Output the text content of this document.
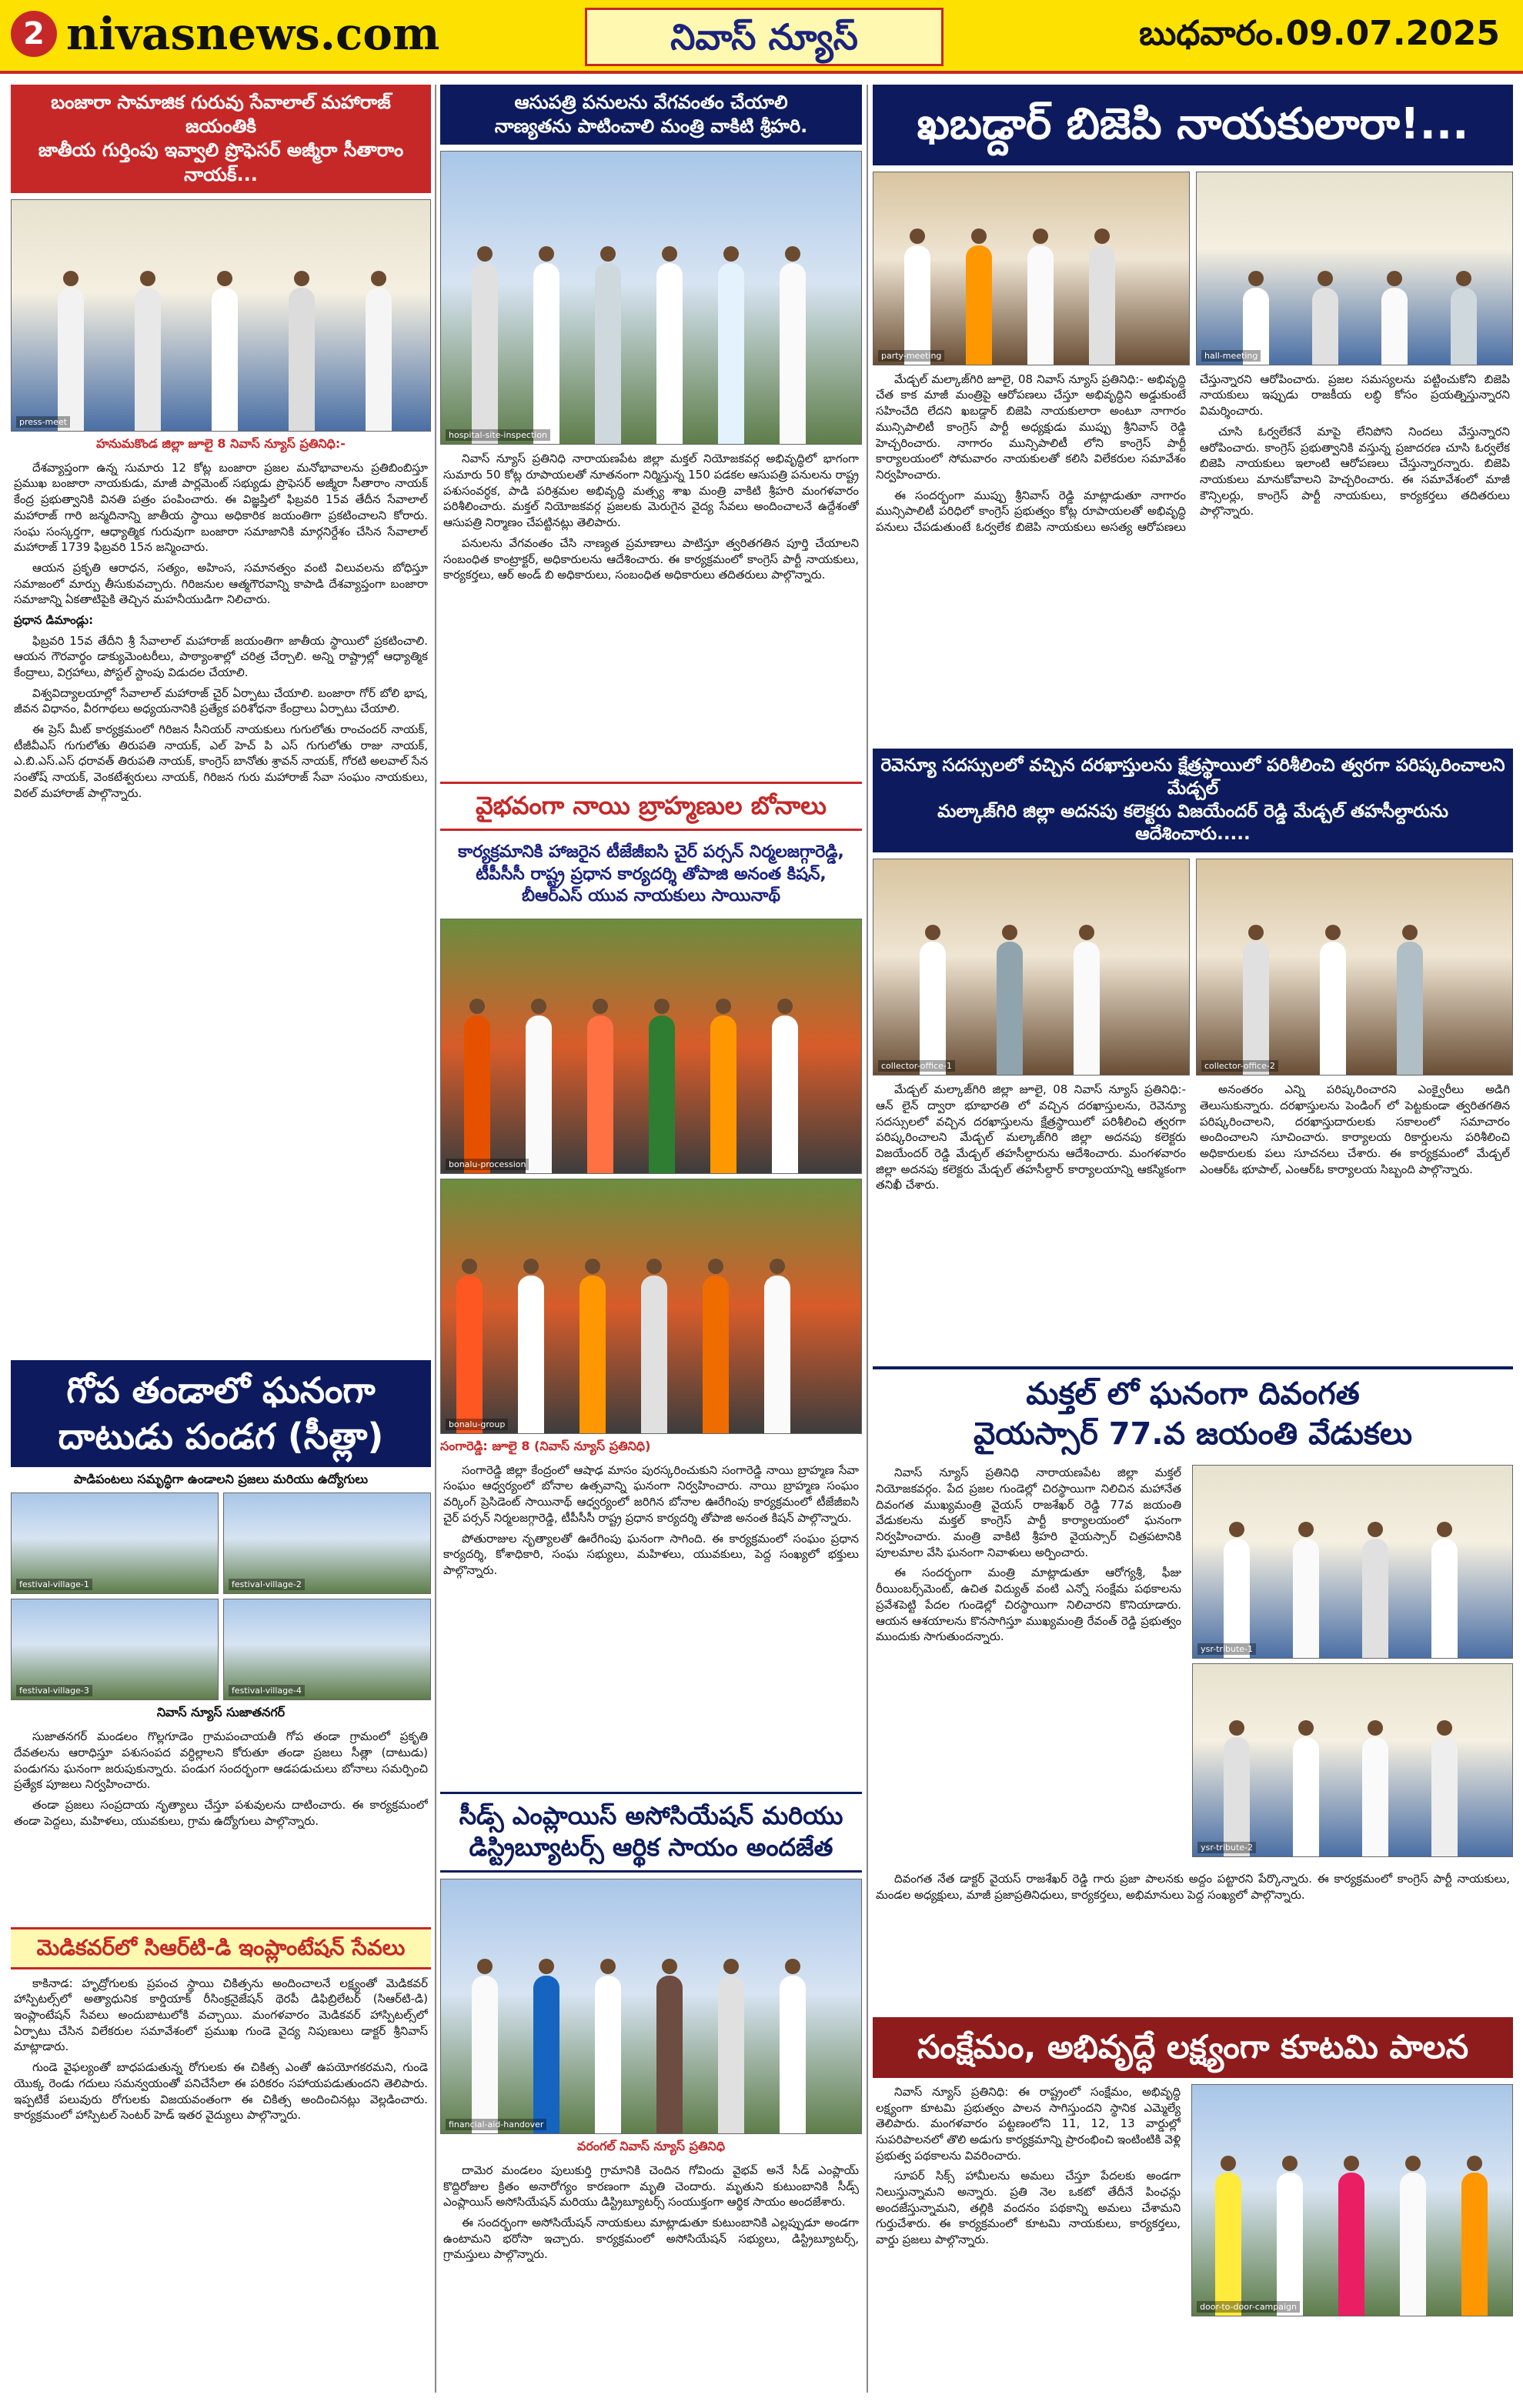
2 nivasnews.com	నివాస్ న్యూస్	బుధవారం.09.07.2025
బంజారా సామాజిక గురువు సేవాలాల్ మహారాజ్ జయంతికి
జాతీయ గుర్తింపు ఇవ్వాలి ప్రొఫెసర్ అజ్మీరా సీతారాం నాయక్...
press-meet
హనుమకొండ జిల్లా జూలై 8 నివాస్ న్యూస్ ప్రతినిధి:-

దేశవ్యాప్తంగా ఉన్న సుమారు 12 కోట్ల బంజారా ప్రజల మనోభావాలను ప్రతిబింబిస్తూ ప్రముఖ బంజారా నాయకుడు, మాజీ పార్లమెంట్ సభ్యుడు ప్రొఫెసర్ అజ్మీరా సీతారాం నాయక్ కేంద్ర ప్రభుత్వానికి వినతి పత్రం పంపించారు. ఈ విజ్ఞప్తిలో ఫిబ్రవరి 15వ తేదీన సేవాలాల్ మహారాజ్ గారి జన్మదినాన్ని జాతీయ స్థాయి అధికారిక జయంతిగా ప్రకటించాలని కోరారు. సంఘ సంస్కర్తగా, ఆధ్యాత్మిక గురువుగా బంజారా సమాజానికి మార్గనిర్దేశం చేసిన సేవాలాల్ మహారాజ్ 1739 ఫిబ్రవరి 15న జన్మించారు.

ఆయన ప్రకృతి ఆరాధన, సత్యం, అహింస, సమానత్వం వంటి విలువలను బోధిస్తూ సమాజంలో మార్పు తీసుకువచ్చారు. గిరిజనుల ఆత్మగౌరవాన్ని కాపాడి దేశవ్యాప్తంగా బంజారా సమాజాన్ని ఏకతాటిపైకి తెచ్చిన మహనీయుడిగా నిలిచారు.

ప్రధాన డిమాండ్లు:

ఫిబ్రవరి 15వ తేదీని శ్రీ సేవాలాల్ మహారాజ్ జయంతిగా జాతీయ స్థాయిలో ప్రకటించాలి. ఆయన గౌరవార్థం డాక్యుమెంటరీలు, పాఠ్యాంశాల్లో చరిత్ర చేర్చాలి. అన్ని రాష్ట్రాల్లో ఆధ్యాత్మిక కేంద్రాలు, విగ్రహాలు, పోస్టల్ స్టాంపు విడుదల చేయాలి.

విశ్వవిద్యాలయాల్లో సేవాలాల్ మహారాజ్ చైర్ ఏర్పాటు చేయాలి. బంజారా గోర్ బోలి భాష, జీవన విధానం, వీరగాథలు అధ్యయనానికి ప్రత్యేక పరిశోధనా కేంద్రాలు ఏర్పాటు చేయాలి.

ఈ ప్రెస్ మీట్ కార్యక్రమంలో గిరిజన సీనియర్ నాయకులు గుగులోతు రాంచందర్ నాయక్, టీజీవీఎస్ గుగులోతు తిరుపతి నాయక్, ఎల్ హెచ్ పి ఎస్ గుగులోతు రాజు నాయక్, ఎ.బి.ఎస్.ఎస్ ధరావత్ తిరుపతి నాయక్, కాంగ్రెస్ బానోతు శ్రావన్ నాయక్, గోరటి అలవాల్ సేన సంతోష్ నాయక్, వెంకటేశ్వరులు నాయక్, గిరిజన గురు మహారాజ్ సేవా సంఘం నాయకులు, విఠల్ మహారాజ్ పాల్గొన్నారు.

గోప తండాలో ఘనంగా
దాటుడు పండగ (సీత్లా)
పాడిపంటలు సమృద్ధిగా ఉండాలని ప్రజలు మరియు ఉద్యోగులు
festival-village-1	festival-village-2
festival-village-3	festival-village-4
నివాస్ న్యూస్ సుజాతనగర్

సుజాతనగర్ మండలం గొల్లగూడెం గ్రామపంచాయతీ గోప తండా గ్రామంలో ప్రకృతి దేవతలను ఆరాధిస్తూ పశుసంపద వర్ధిల్లాలని కోరుతూ తండా ప్రజలు సీత్లా (దాటుడు) పండుగను ఘనంగా జరుపుకున్నారు. పండుగ సందర్భంగా ఆడపడుచులు బోనాలు సమర్పించి ప్రత్యేక పూజలు నిర్వహించారు.

తండా ప్రజలు సంప్రదాయ నృత్యాలు చేస్తూ పశువులను దాటించారు. ఈ కార్యక్రమంలో తండా పెద్దలు, మహిళలు, యువకులు, గ్రామ ఉద్యోగులు పాల్గొన్నారు.

మెడికవర్‌లో సిఆర్‌టి-డి ఇంప్లాంటేషన్ సేవలు

కాకినాడ: హృద్రోగులకు ప్రపంచ స్థాయి చికిత్సను అందించాలనే లక్ష్యంతో మెడికవర్ హాస్పిటల్స్‌లో అత్యాధునిక కార్డియాక్ రీసింక్రనైజేషన్ థెరపీ డిఫిబ్రిలేటర్ (సిఆర్‌టి-డి) ఇంప్లాంటేషన్ సేవలు అందుబాటులోకి వచ్చాయి. మంగళవారం మెడికవర్ హాస్పిటల్స్‌లో ఏర్పాటు చేసిన విలేకరుల సమావేశంలో ప్రముఖ గుండె వైద్య నిపుణులు డాక్టర్ శ్రీనివాస్ మాట్లాడారు.

గుండె వైఫల్యంతో బాధపడుతున్న రోగులకు ఈ చికిత్స ఎంతో ఉపయోగకరమని, గుండె యొక్క రెండు గదులు సమన్వయంతో పనిచేసేలా ఈ పరికరం సహాయపడుతుందని తెలిపారు. ఇప్పటికే పలువురు రోగులకు విజయవంతంగా ఈ చికిత్స అందించినట్లు వెల్లడించారు. కార్యక్రమంలో హాస్పిటల్ సెంటర్ హెడ్ ఇతర వైద్యులు పాల్గొన్నారు.

ఆసుపత్రి పనులను వేగవంతం చేయాలి
నాణ్యతను పాటించాలి మంత్రి వాకిటి శ్రీహరి.
hospital-site-inspection

నివాస్ న్యూస్ ప్రతినిధి నారాయణపేట జిల్లా మక్తల్ నియోజకవర్గ అభివృద్ధిలో భాగంగా సుమారు 50 కోట్ల రూపాయలతో నూతనంగా నిర్మిస్తున్న 150 పడకల ఆసుపత్రి పనులను రాష్ట్ర పశుసంవర్ధక, పాడి పరిశ్రమల అభివృద్ధి మత్స్య శాఖ మంత్రి వాకిటి శ్రీహరి మంగళవారం పరిశీలించారు. మక్తల్ నియోజకవర్గ ప్రజలకు మెరుగైన వైద్య సేవలు అందించాలనే ఉద్దేశంతో ఆసుపత్రి నిర్మాణం చేపట్టినట్లు తెలిపారు.

పనులను వేగవంతం చేసి నాణ్యత ప్రమాణాలు పాటిస్తూ త్వరితగతిన పూర్తి చేయాలని సంబంధిత కాంట్రాక్టర్, అధికారులను ఆదేశించారు. ఈ కార్యక్రమంలో కాంగ్రెస్ పార్టీ నాయకులు, కార్యకర్తలు, ఆర్ అండ్ బి అధికారులు, సంబంధిత అధికారులు తదితరులు పాల్గొన్నారు.

వైభవంగా నాయి బ్రాహ్మణుల బోనాలు
కార్యక్రమానికి హాజరైన టీజేజీఐసి చైర్ పర్సన్ నిర్మలజగ్గారెడ్డి, టీపీసీసీ రాష్ట్ర ప్రధాన కార్యదర్శి తోపాజి అనంత కిషన్, బీఆర్ఎస్ యువ నాయకులు సాయినాథ్
bonalu-procession
bonalu-group
సంగారెడ్డి: జూలై 8 (నివాస్ న్యూస్ ప్రతినిధి)

సంగారెడ్డి జిల్లా కేంద్రంలో ఆషాఢ మాసం పురస్కరించుకుని సంగారెడ్డి నాయి బ్రాహ్మణ సేవా సంఘం ఆధ్వర్యంలో బోనాల ఉత్సవాన్ని ఘనంగా నిర్వహించారు. నాయి బ్రాహ్మణ సంఘం వర్కింగ్ ప్రెసిడెంట్ సాయినాథ్ ఆధ్వర్యంలో జరిగిన బోనాల ఊరేగింపు కార్యక్రమంలో టీజేజీఐసి చైర్ పర్సన్ నిర్మలజగ్గారెడ్డి, టీపీసీసీ రాష్ట్ర ప్రధాన కార్యదర్శి తోపాజి అనంత కిషన్ పాల్గొన్నారు.

పోతురాజుల నృత్యాలతో ఊరేగింపు ఘనంగా సాగింది. ఈ కార్యక్రమంలో సంఘం ప్రధాన కార్యదర్శి, కోశాధికారి, సంఘ సభ్యులు, మహిళలు, యువకులు, పెద్ద సంఖ్యలో భక్తులు పాల్గొన్నారు.

సీడ్స్ ఎంప్లాయిస్ అసోసియేషన్ మరియు డిస్ట్రిబ్యూటర్స్ ఆర్థిక సాయం అందజేత
financial-aid-handover
వరంగల్ నివాస్ న్యూస్ ప్రతినిధి

దామెర మండలం పులుకుర్తి గ్రామానికి చెందిన గోవిందు వైభవ్ అనే సీడ్ ఎంప్లాయ్ కొద్దిరోజుల క్రితం అనారోగ్యం కారణంగా మృతి చెందారు. మృతుని కుటుంబానికి సీడ్స్ ఎంప్లాయిస్ అసోసియేషన్ మరియు డిస్ట్రిబ్యూటర్స్ సంయుక్తంగా ఆర్థిక సాయం అందజేశారు.

ఈ సందర్భంగా అసోసియేషన్ నాయకులు మాట్లాడుతూ కుటుంబానికి ఎల్లప్పుడూ అండగా ఉంటామని భరోసా ఇచ్చారు. కార్యక్రమంలో అసోసియేషన్ సభ్యులు, డిస్ట్రిబ్యూటర్స్, గ్రామస్తులు పాల్గొన్నారు.

ఖబడ్దార్ బిజెపి నాయకులారా!...
party-meeting	hall-meeting

మేడ్చల్ మల్కాజ్‌గిరి జూలై, 08 నివాస్ న్యూస్ ప్రతినిధి:- అభివృద్ధి చేత కాక మాజీ మంత్రిపై ఆరోపణలు చేస్తూ అభివృద్ధిని అడ్డుకుంటే సహించేది లేదని ఖబడ్దార్ బిజెపి నాయకులారా అంటూ నాగారం మున్సిపాలిటీ కాంగ్రెస్ పార్టీ అధ్యక్షుడు ముప్పు శ్రీనివాస్ రెడ్డి హెచ్చరించారు. నాగారం మున్సిపాలిటీ లోని కాంగ్రెస్ పార్టీ కార్యాలయంలో సోమవారం నాయకులతో కలిసి విలేకరుల సమావేశం నిర్వహించారు.

ఈ సందర్భంగా ముప్పు శ్రీనివాస్ రెడ్డి మాట్లాడుతూ నాగారం మున్సిపాలిటీ పరిధిలో కాంగ్రెస్ ప్రభుత్వం కోట్ల రూపాయలతో అభివృద్ధి పనులు చేపడుతుంటే ఓర్వలేక బిజెపి నాయకులు అసత్య ఆరోపణలు చేస్తున్నారని ఆరోపించారు. ప్రజల సమస్యలను పట్టించుకోని బిజెపి నాయకులు ఇప్పుడు రాజకీయ లబ్ధి కోసం ప్రయత్నిస్తున్నారని విమర్శించారు.

చూసి ఓర్వలేకనే మాపై లేనిపోని నిందలు వేస్తున్నారని ఆరోపించారు. కాంగ్రెస్ ప్రభుత్వానికి వస్తున్న ప్రజాదరణ చూసి ఓర్వలేక బిజెపి నాయకులు ఇలాంటి ఆరోపణలు చేస్తున్నారన్నారు. బిజెపి నాయకులు మానుకోవాలని హెచ్చరించారు. ఈ సమావేశంలో మాజీ కౌన్సిలర్లు, కాంగ్రెస్ పార్టీ నాయకులు, కార్యకర్తలు తదితరులు పాల్గొన్నారు.

రెవెన్యూ సదస్సులలో వచ్చిన దరఖాస్తులను క్షేత్రస్థాయిలో పరిశీలించి త్వరగా పరిష్కరించాలని మేడ్చల్
మల్కాజ్‌గిరి జిల్లా అదనపు కలెక్టరు విజయేందర్ రెడ్డి మేడ్చల్ తహసీల్దారును ఆదేశించారు.....
collector-office-1	collector-office-2

మేడ్చల్ మల్కాజ్‌గిరి జిల్లా జూలై, 08 నివాస్ న్యూస్ ప్రతినిధి:- ఆన్ లైన్ ద్వారా భూభారతి లో వచ్చిన దరఖాస్తులను, రెవెన్యూ సదస్సులలో వచ్చిన దరఖాస్తులను క్షేత్రస్థాయిలో పరిశీలించి త్వరగా పరిష్కరించాలని మేడ్చల్ మల్కాజ్‌గిరి జిల్లా అదనపు కలెక్టరు విజయేందర్ రెడ్డి మేడ్చల్ తహసీల్దారును ఆదేశించారు. మంగళవారం జిల్లా అదనపు కలెక్టరు మేడ్చల్ తహసీల్దార్ కార్యాలయాన్ని ఆకస్మికంగా తనిఖీ చేశారు.

అనంతరం ఎన్ని పరిష్కరించారని ఎంక్వైరీలు అడిగి తెలుసుకున్నారు. దరఖాస్తులను పెండింగ్ లో పెట్టకుండా త్వరితగతిన పరిష్కరించాలని, దరఖాస్తుదారులకు సకాలంలో సమాచారం అందించాలని సూచించారు. కార్యాలయ రికార్డులను పరిశీలించి అధికారులకు పలు సూచనలు చేశారు. ఈ కార్యక్రమంలో మేడ్చల్ ఎంఆర్ఓ భూపాల్, ఎంఆర్ఓ కార్యాలయ సిబ్బంది పాల్గొన్నారు.

మక్తల్ లో ఘనంగా దివంగత
వైయస్సార్ 77.వ జయంతి వేడుకలు

నివాస్ న్యూస్ ప్రతినిధి నారాయణపేట జిల్లా మక్తల్ నియోజకవర్గం. పేద ప్రజల గుండెల్లో చిరస్థాయిగా నిలిచిన మహానేత దివంగత ముఖ్యమంత్రి వైయస్ రాజశేఖర్ రెడ్డి 77వ జయంతి వేడుకలను మక్తల్ కాంగ్రెస్ పార్టీ కార్యాలయంలో ఘనంగా నిర్వహించారు. మంత్రి వాకిటి శ్రీహరి వైయస్సార్ చిత్రపటానికి పూలమాల వేసి ఘనంగా నివాళులు అర్పించారు.

ఈ సందర్భంగా మంత్రి మాట్లాడుతూ ఆరోగ్యశ్రీ, ఫీజు రీయింబర్స్‌మెంట్, ఉచిత విద్యుత్ వంటి ఎన్నో సంక్షేమ పథకాలను ప్రవేశపెట్టి పేదల గుండెల్లో చిరస్థాయిగా నిలిచారని కొనియాడారు. ఆయన ఆశయాలను కొనసాగిస్తూ ముఖ్యమంత్రి రేవంత్ రెడ్డి ప్రభుత్వం ముందుకు సాగుతుందన్నారు.

ysr-tribute-1
ysr-tribute-2

దివంగత నేత డాక్టర్ వైయస్ రాజశేఖర్ రెడ్డి గారు ప్రజా పాలనకు అద్దం పట్టారని పేర్కొన్నారు. ఈ కార్యక్రమంలో కాంగ్రెస్ పార్టీ నాయకులు, మండల అధ్యక్షులు, మాజీ ప్రజాప్రతినిధులు, కార్యకర్తలు, అభిమానులు పెద్ద సంఖ్యలో పాల్గొన్నారు.

సంక్షేమం, అభివృద్ధే లక్ష్యంగా కూటమి పాలన

నివాస్ న్యూస్ ప్రతినిధి: ఈ రాష్ట్రంలో సంక్షేమం, అభివృద్ధి లక్ష్యంగా కూటమి ప్రభుత్వం పాలన సాగిస్తుందని స్థానిక ఎమ్మెల్యే తెలిపారు. మంగళవారం పట్టణంలోని 11, 12, 13 వార్డుల్లో సుపరిపాలనలో తొలి అడుగు కార్యక్రమాన్ని ప్రారంభించి ఇంటింటికి వెళ్లి ప్రభుత్వ పథకాలను వివరించారు.

సూపర్ సిక్స్ హామీలను అమలు చేస్తూ పేదలకు అండగా నిలుస్తున్నామని అన్నారు. ప్రతి నెల ఒకటో తేదీనే పింఛన్లు అందజేస్తున్నామని, తల్లికి వందనం పథకాన్ని అమలు చేశామని గుర్తుచేశారు. ఈ కార్యక్రమంలో కూటమి నాయకులు, కార్యకర్తలు, వార్డు ప్రజలు పాల్గొన్నారు.

door-to-door-campaign
